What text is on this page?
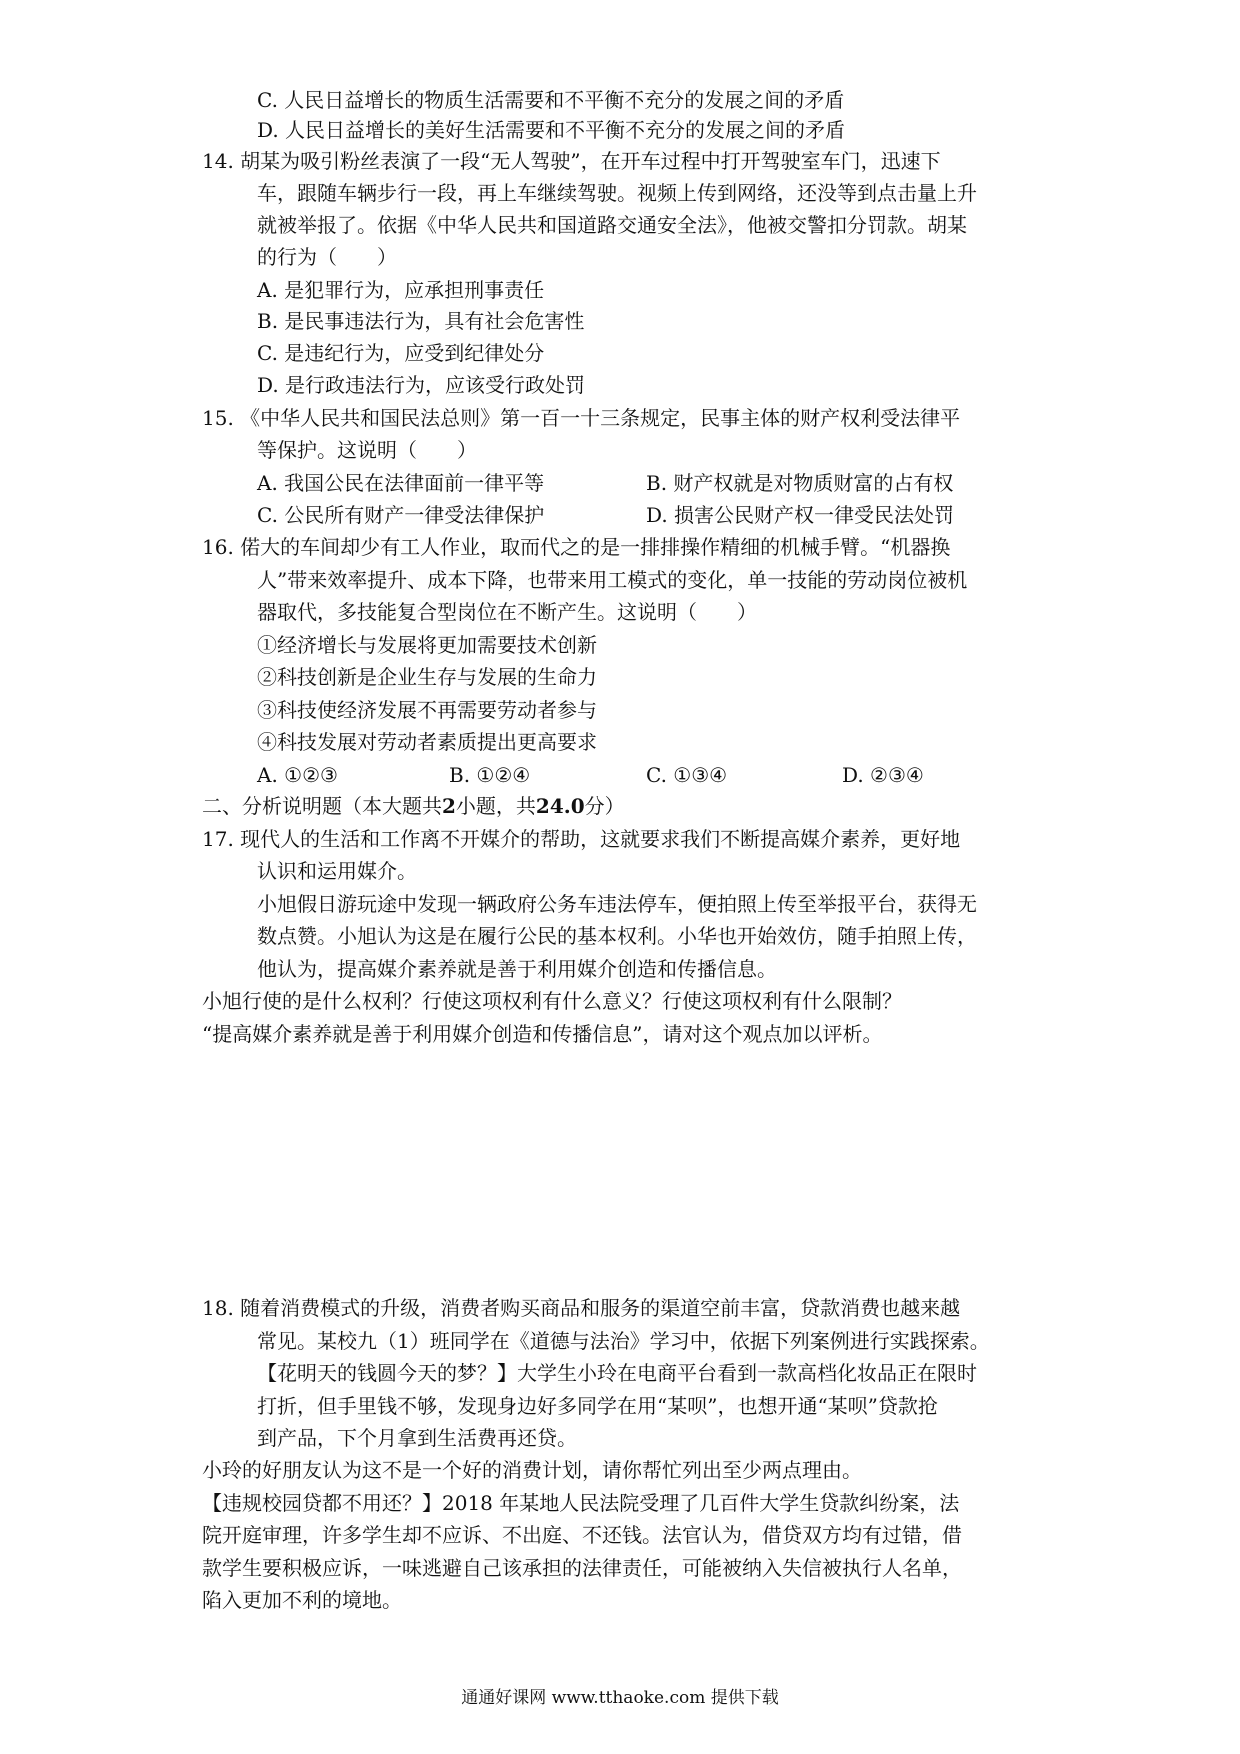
C. 人民日益增长的物质生活需要和不平衡不充分的发展之间的矛盾
D. 人民日益增长的美好生活需要和不平衡不充分的发展之间的矛盾
14. 胡某为吸引粉丝表演了一段“无人驾驶”，在开车过程中打开驾驶室车门，迅速下
车，跟随车辆步行一段，再上车继续驾驶。视频上传到网络，还没等到点击量上升
就被举报了。依据《中华人民共和国道路交通安全法》，他被交警扣分罚款。胡某
的行为（　　）
A. 是犯罪行为，应承担刑事责任
B. 是民事违法行为，具有社会危害性
C. 是违纪行为，应受到纪律处分
D. 是行政违法行为，应该受行政处罚
15. 《中华人民共和国民法总则》第一百一十三条规定，民事主体的财产权利受法律平
等保护。这说明（　　）
A. 我国公民在法律面前一律平等	B. 财产权就是对物质财富的占有权
C. 公民所有财产一律受法律保护	D. 损害公民财产权一律受民法处罚
16. 偌大的车间却少有工人作业，取而代之的是一排排操作精细的机械手臂。“机器换
人”带来效率提升、成本下降，也带来用工模式的变化，单一技能的劳动岗位被机
器取代，多技能复合型岗位在不断产生。这说明（　　）
①经济增长与发展将更加需要技术创新
②科技创新是企业生存与发展的生命力
③科技使经济发展不再需要劳动者参与
④科技发展对劳动者素质提出更高要求
A. ①②③	B. ①②④	C. ①③④	D. ②③④
二、分析说明题（本大题共2小题，共24.0分）
17. 现代人的生活和工作离不开媒介的帮助，这就要求我们不断提高媒介素养，更好地
认识和运用媒介。
小旭假日游玩途中发现一辆政府公务车违法停车，便拍照上传至举报平台，获得无
数点赞。小旭认为这是在履行公民的基本权利。小华也开始效仿，随手拍照上传，
他认为，提高媒介素养就是善于利用媒介创造和传播信息。
小旭行使的是什么权利？行使这项权利有什么意义？行使这项权利有什么限制？
“提高媒介素养就是善于利用媒介创造和传播信息”，请对这个观点加以评析。
18. 随着消费模式的升级，消费者购买商品和服务的渠道空前丰富，贷款消费也越来越
常见。某校九（1）班同学在《道德与法治》学习中，依据下列案例进行实践探索。
【花明天的钱圆今天的梦？】大学生小玲在电商平台看到一款高档化妆品正在限时
打折，但手里钱不够，发现身边好多同学在用“某呗”，也想开通“某呗”贷款抢
到产品，下个月拿到生活费再还贷。
小玲的好朋友认为这不是一个好的消费计划，请你帮忙列出至少两点理由。
【违规校园贷都不用还？】2018 年某地人民法院受理了几百件大学生贷款纠纷案，法
院开庭审理，许多学生却不应诉、不出庭、不还钱。法官认为，借贷双方均有过错，借
款学生要积极应诉，一味逃避自己该承担的法律责任，可能被纳入失信被执行人名单，
陷入更加不利的境地。
通通好课网 www.tthaoke.com 提供下载
